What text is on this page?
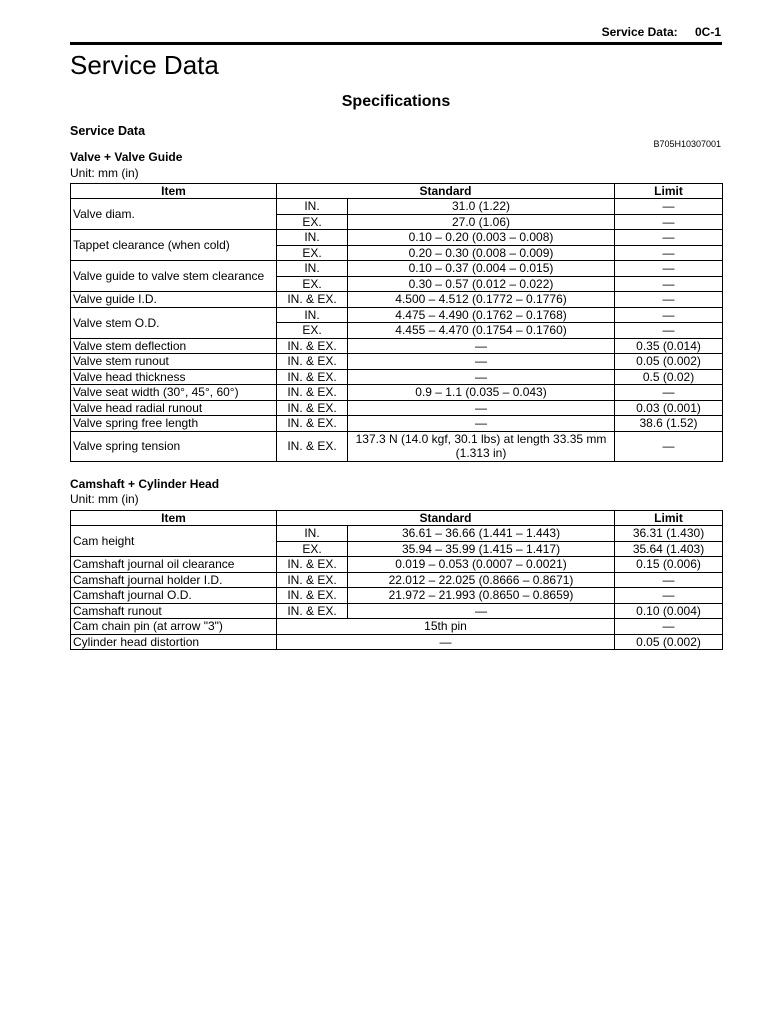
Service Data: 0C-1
Service Data
Specifications
Service Data
B705H10307001
Valve + Valve Guide
Unit: mm (in)
Item	Standard		Limit
Valve diam.	IN.	31.0 (1.22)	—
	EX.	27.0 (1.06)	—
Tappet clearance (when cold)	IN.	0.10 – 0.20 (0.003 – 0.008)	—
	EX.	0.20 – 0.30 (0.008 – 0.009)	—
Valve guide to valve stem clearance	IN.	0.10 – 0.37 (0.004 – 0.015)	—
	EX.	0.30 – 0.57 (0.012 – 0.022)	—
Valve guide I.D.	IN. & EX.	4.500 – 4.512 (0.1772 – 0.1776)	—
Valve stem O.D.	IN.	4.475 – 4.490 (0.1762 – 0.1768)	—
	EX.	4.455 – 4.470 (0.1754 – 0.1760)	—
Valve stem deflection	IN. & EX.	—	0.35 (0.014)
Valve stem runout	IN. & EX.	—	0.05 (0.002)
Valve head thickness	IN. & EX.	—	0.5 (0.02)
Valve seat width (30°, 45°, 60°)	IN. & EX.	0.9 – 1.1 (0.035 – 0.043)	—
Valve head radial runout	IN. & EX.	—	0.03 (0.001)
Valve spring free length	IN. & EX.	—	38.6 (1.52)
Valve spring tension	IN. & EX.	137.3 N (14.0 kgf, 30.1 lbs) at length 33.35 mm (1.313 in)	—
Camshaft + Cylinder Head
Unit: mm (in)
Item	Standard		Limit
Cam height	IN.	36.61 – 36.66 (1.441 – 1.443)	36.31 (1.430)
	EX.	35.94 – 35.99 (1.415 – 1.417)	35.64 (1.403)
Camshaft journal oil clearance	IN. & EX.	0.019 – 0.053 (0.0007 – 0.0021)	0.15 (0.006)
Camshaft journal holder I.D.	IN. & EX.	22.012 – 22.025 (0.8666 – 0.8671)	—
Camshaft journal O.D.	IN. & EX.	21.972 – 21.993 (0.8650 – 0.8659)	—
Camshaft runout	IN. & EX.	—	0.10 (0.004)
Cam chain pin (at arrow "3")	15th pin		—
Cylinder head distortion	—		0.05 (0.002)
